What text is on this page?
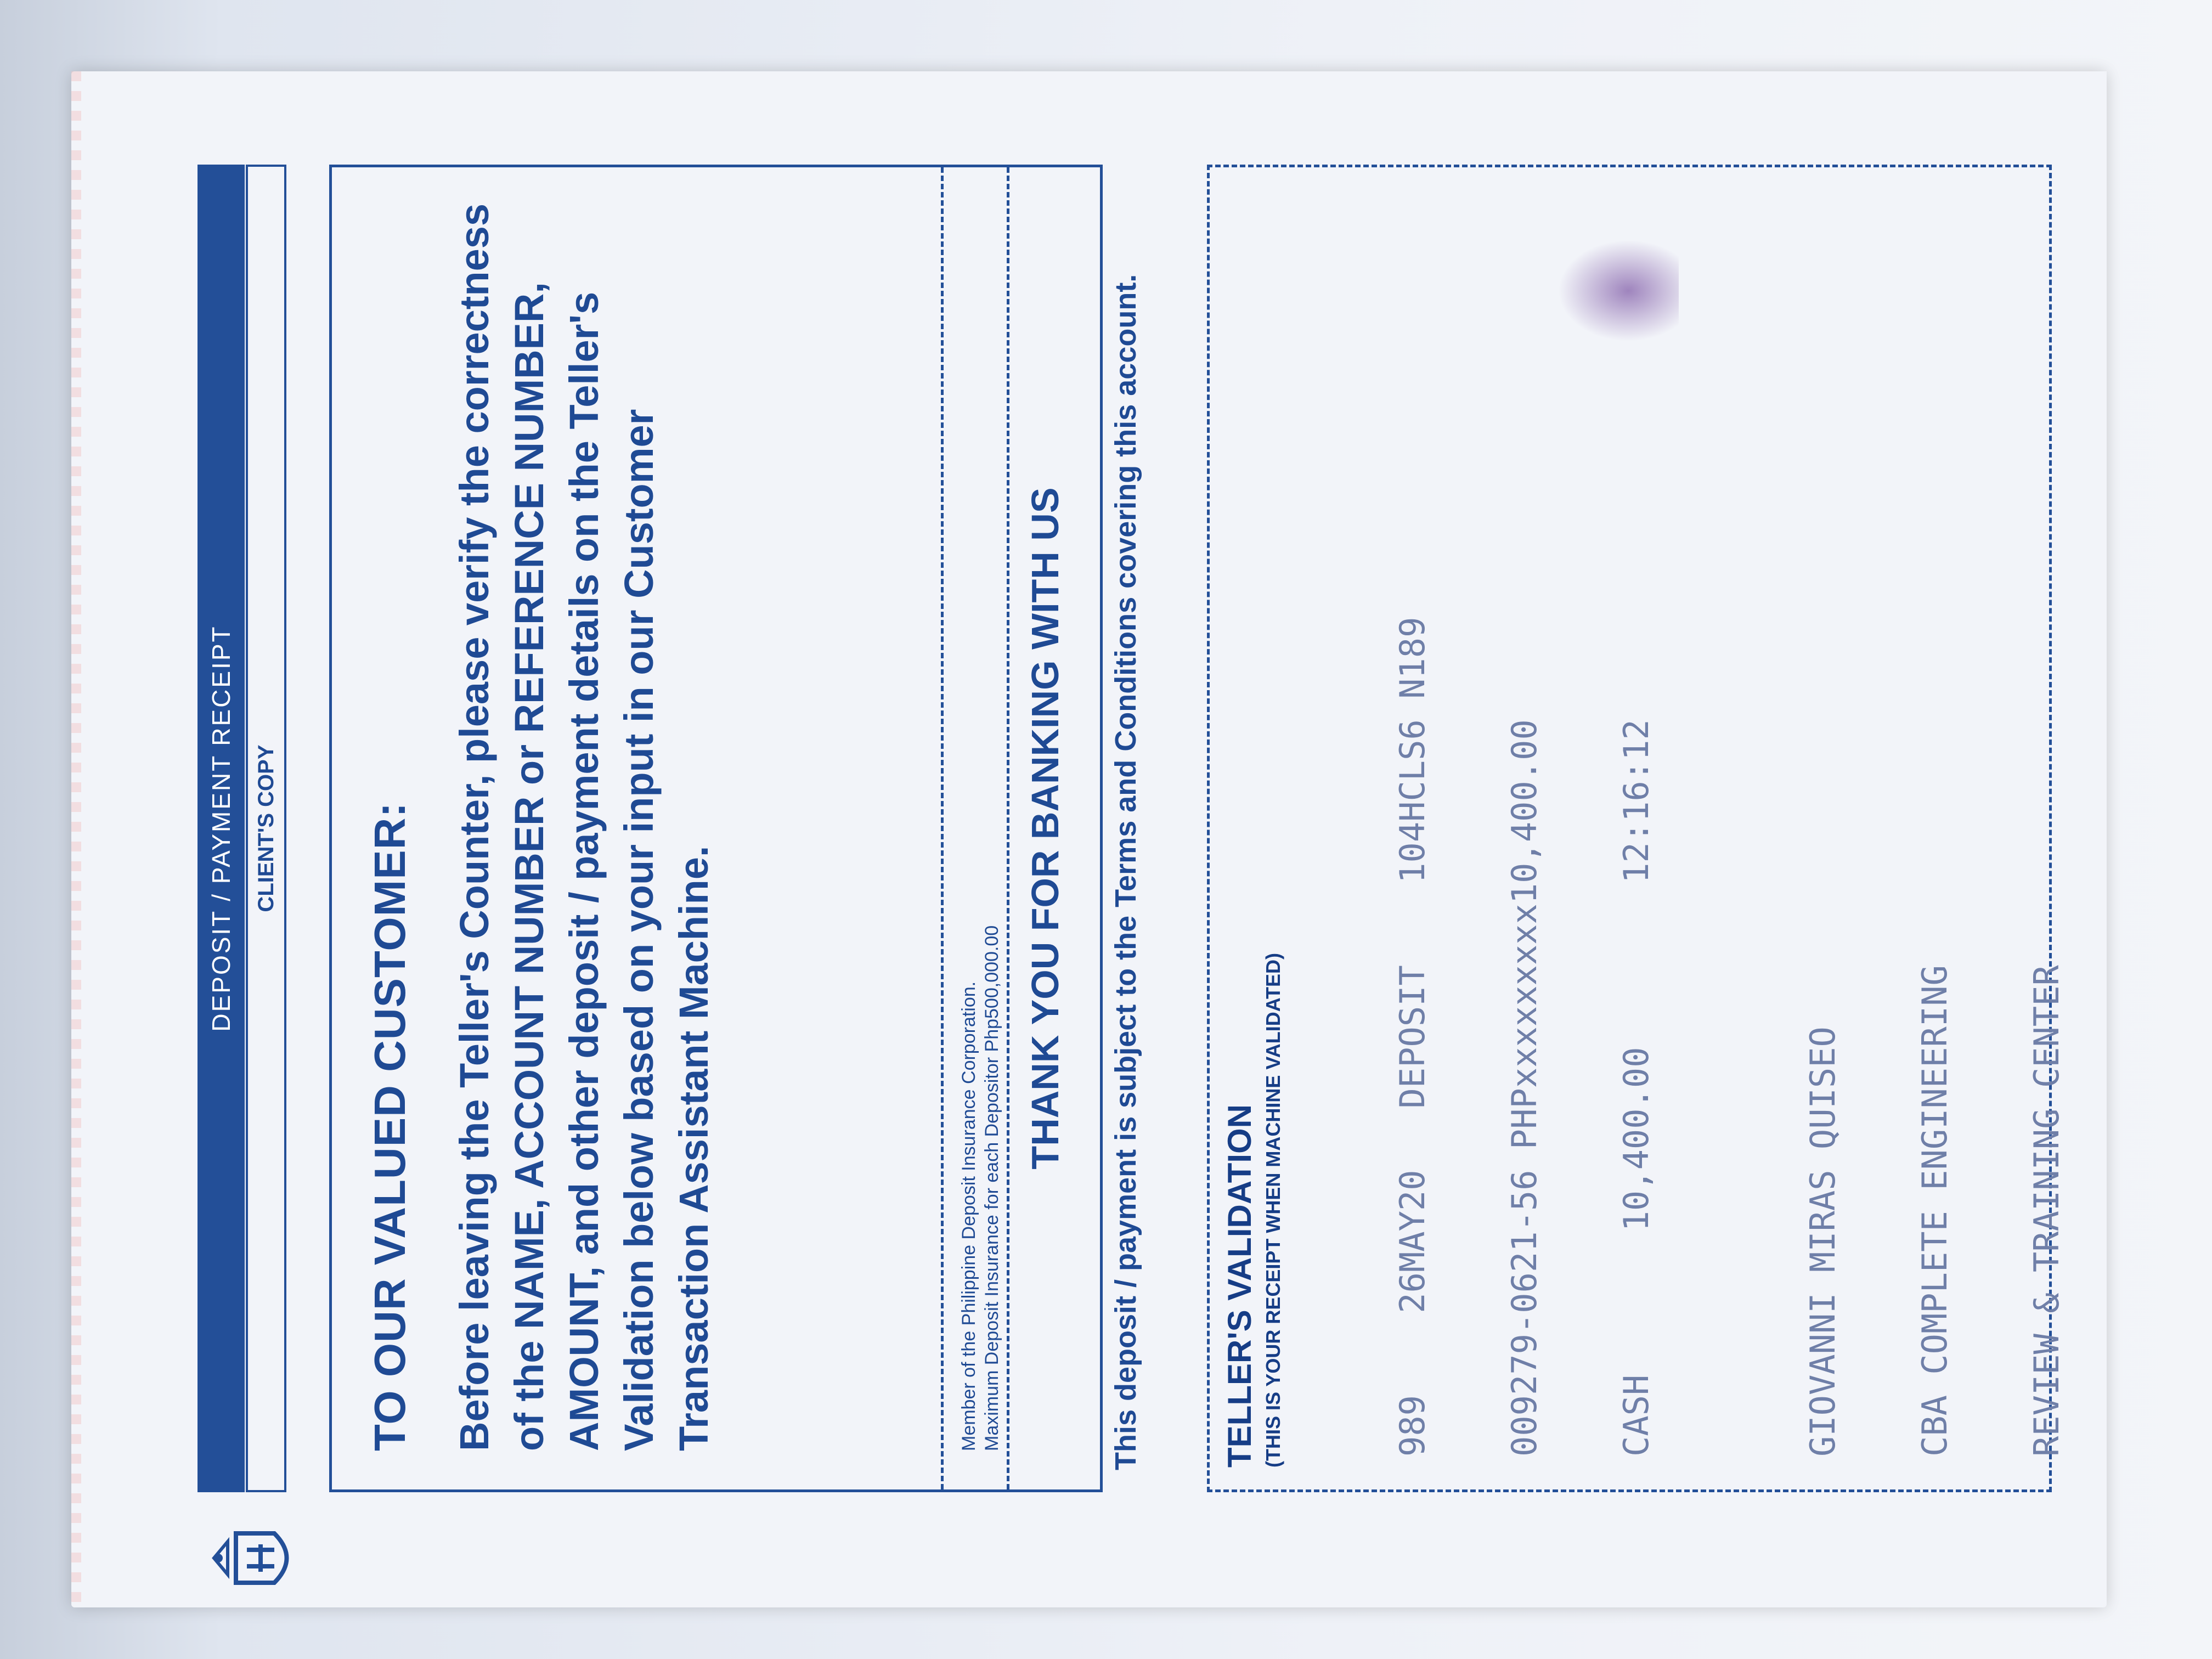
DEPOSIT / PAYMENT RECEIPT CLIENT'S COPY TO OUR VALUED CUSTOMER: Before leaving the Teller's Counter, please verify the correctness of the NAME, ACCOUNT NUMBER or REFERENCE NUMBER, AMOUNT, and other deposit / payment details on the Teller's Validation below based on your input in our Customer Transaction Assistant Machine.	Member of the Philippine Deposit Insurance Corporation. Maximum Deposit Insurance for each Depositor Php500,000.00
THANK YOU FOR BANKING WITH US This deposit / payment is subject to the Terms and Conditions covering this account. TELLER'S VALIDATION (THIS IS YOUR RECEIPT WHEN MACHINE VALIDATED)

	989    26MAY20   DEPOSIT    104HCLS6 N189

009279-0621-56 PHPxxxxxxxxx10,400.00

CASH       10,400.00        12:16:12

	GIOVANNI MIRAS QUISEO

CBA COMPLETE ENGINEERING

REVIEW & TRAINING CENTER
